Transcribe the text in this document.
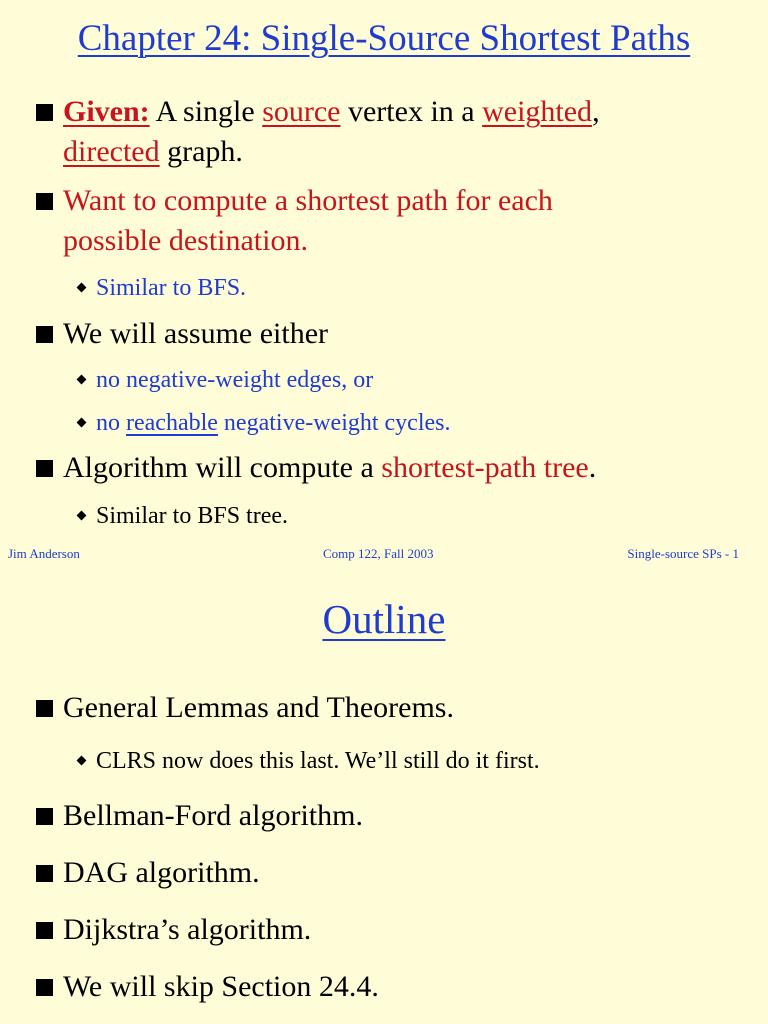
Chapter 24: Single-Source Shortest Paths
Given: A single source vertex in a weighted,
directed graph.
Want to compute a shortest path for each
possible destination.
Similar to BFS.
We will assume either
no negative-weight edges, or
no reachable negative-weight cycles.
Algorithm will compute a shortest-path tree.
Similar to BFS tree.
Jim Anderson	Comp 122, Fall 2003	Single-source SPs - 1
Outline
General Lemmas and Theorems.
CLRS now does this last. We’ll still do it first.
Bellman-Ford algorithm.
DAG algorithm.
Dijkstra’s algorithm.
We will skip Section 24.4.
